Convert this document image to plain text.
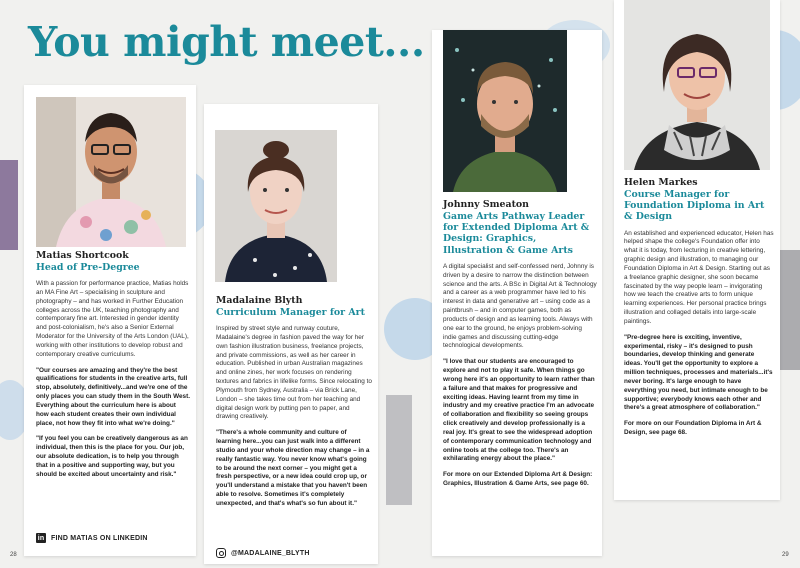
You might meet...
Matias Shortcook
Head of Pre-Degree
With a passion for performance practice, Matias holds an MA Fine Art – specialising in sculpture and photography – and has worked in Further Education colleges across the UK, teaching photography and contemporary fine art. Interested in gender identity and post-colonialism, he's also a Senior External Moderator for the University of the Arts London (UAL), working with other institutions to develop robust and contemporary creative curriculums.
"Our courses are amazing and they're the best qualifications for students in the creative arts, full stop, absolutely, definitively...and we're one of the only places you can study them in the South West. Everything about the curriculum here is about how each student creates their own individual place, not how they fit into what we're doing."
"If you feel you can be creatively dangerous as an individual, then this is the place for you. Our job, our absolute dedication, is to help you through that in a positive and supporting way, but you should be excited about uncertainty and risk."
in FIND MATIAS ON LINKEDIN
Madalaine Blyth
Curriculum Manager for Art
Inspired by street style and runway couture, Madalaine's degree in fashion paved the way for her own fashion illustration business, freelance projects, and private commissions, as well as her career in education. Published in urban Australian magazines and online zines, her work focuses on rendering textures and fabrics in lifelike forms. Since relocating to Plymouth from Sydney, Australia – via Brick Lane, London – she takes time out from her teaching and digital design work by putting pen to paper, and drawing creatively.
"There's a whole community and culture of learning here...you can just walk into a different studio and your whole direction may change – in a really fantastic way. You never know what's going to be around the next corner – you might get a fresh perspective, or a new idea could crop up, or you'll understand a mistake that you haven't been able to resolve. Sometimes it's completely unexpected, and that's what's so fun about it."
@MADALAINE_BLYTH
Johnny Smeaton
Game Arts Pathway Leader for Extended Diploma Art & Design: Graphics, Illustration & Game Arts
A digital specialist and self-confessed nerd, Johnny is driven by a desire to narrow the distinction between science and the arts. A BSc in Digital Art & Technology and a career as a web programmer have led to his interest in data and generative art – using code as a paintbrush – and in computer games, both as products of design and as learning tools. Always with one ear to the ground, he enjoys problem-solving indie games and discussing cutting-edge technological developments.
"I love that our students are encouraged to explore and not to play it safe. When things go wrong here it's an opportunity to learn rather than a failure and that makes for progressive and exciting ideas. Having learnt from my time in industry and my creative practice I'm an advocate of collaboration and flexibility so seeing groups click creatively and develop professionally is a real joy. It's great to see the widespread adoption of contemporary communication technology and online tools at the college too. There's an exhilarating energy about the place."
For more on our Extended Diploma Art & Design: Graphics, Illustration & Game Arts, see page 60.
Helen Markes
Course Manager for Foundation Diploma in Art & Design
An established and experienced educator, Helen has helped shape the college's Foundation offer into what it is today, from lecturing in creative lettering, graphic design and illustration, to managing our Foundation Diploma in Art & Design. Starting out as a freelance graphic designer, she soon became fascinated by the way people learn – invigorating how we teach the creative arts to form unique learning experiences. Her personal practice brings illustration and collaged details into large-scale paintings.
"Pre-degree here is exciting, inventive, experimental, risky – it's designed to push boundaries, develop thinking and generate ideas. You'll get the opportunity to explore a million techniques, processes and materials...it's never boring. It's large enough to have everything you need, but intimate enough to be supportive; everybody knows each other and there's a great atmosphere of collaboration."
For more on our Foundation Diploma in Art & Design, see page 68.
28	29
